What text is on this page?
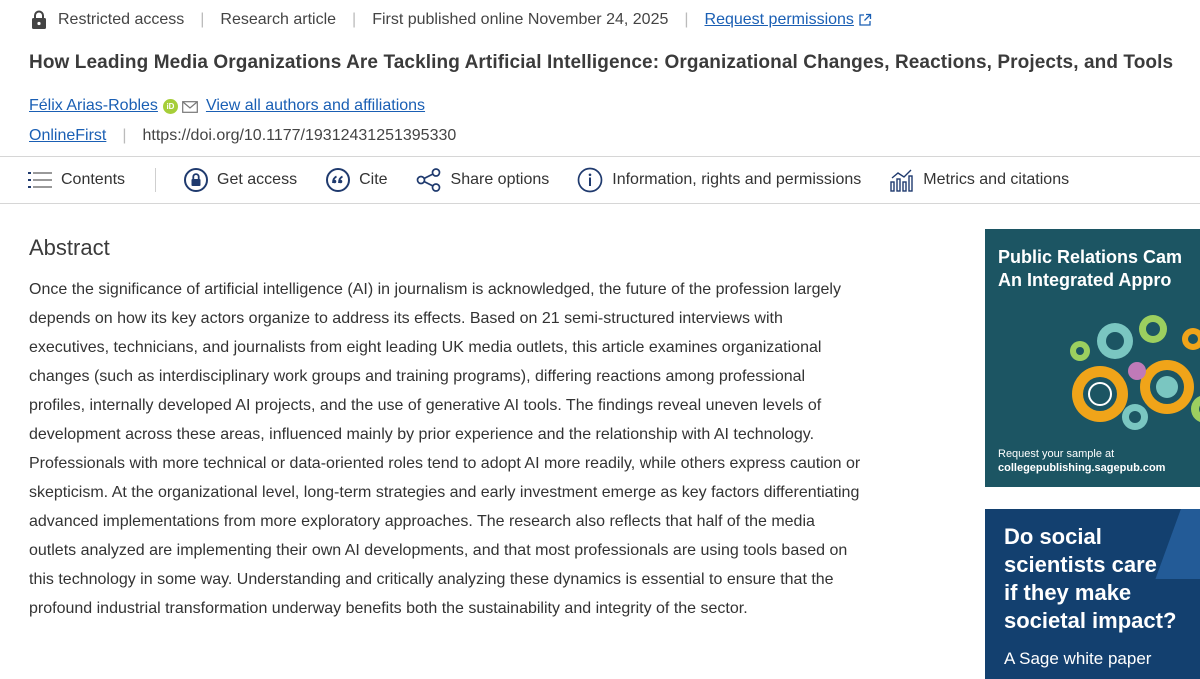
Restricted access | Research article | First published online November 24, 2025 | Request permissions
How Leading Media Organizations Are Tackling Artificial Intelligence: Organizational Changes, Reactions, Projects, and Tools
Félix Arias-Robles	iD View all authors and affiliations
OnlineFirst | https://doi.org/10.1177/19312431251395330
Contents	Get access	Cite	Share options	Information, rights and permissions	Metrics and citations
Abstract

Once the significance of artificial intelligence (AI) in journalism is acknowledged, the future of the profession largely depends on how its key actors organize to address its effects. Based on 21 semi-structured interviews with executives, technicians, and journalists from eight leading UK media outlets, this article examines organizational changes (such as interdisciplinary work groups and training programs), differing reactions among professional profiles, internally developed AI projects, and the use of generative AI tools. The findings reveal uneven levels of development across these areas, influenced mainly by prior experience and the relationship with AI technology. Professionals with more technical or data-oriented roles tend to adopt AI more readily, while others express caution or skepticism. At the organizational level, long-term strategies and early investment emerge as key factors differentiating advanced implementations from more exploratory approaches. The research also reflects that half of the media outlets analyzed are implementing their own AI developments, and that most professionals are using tools based on this technology in some way. Understanding and critically analyzing these dynamics is essential to ensure that the profound industrial transformation underway benefits both the sustainability and integrity of the sector.

Public Relations Cam
An Integrated Appro
Request your sample at
collegepublishing.sagepub.com
Do social
scientists care
if they make
societal impact?
A Sage white paper
